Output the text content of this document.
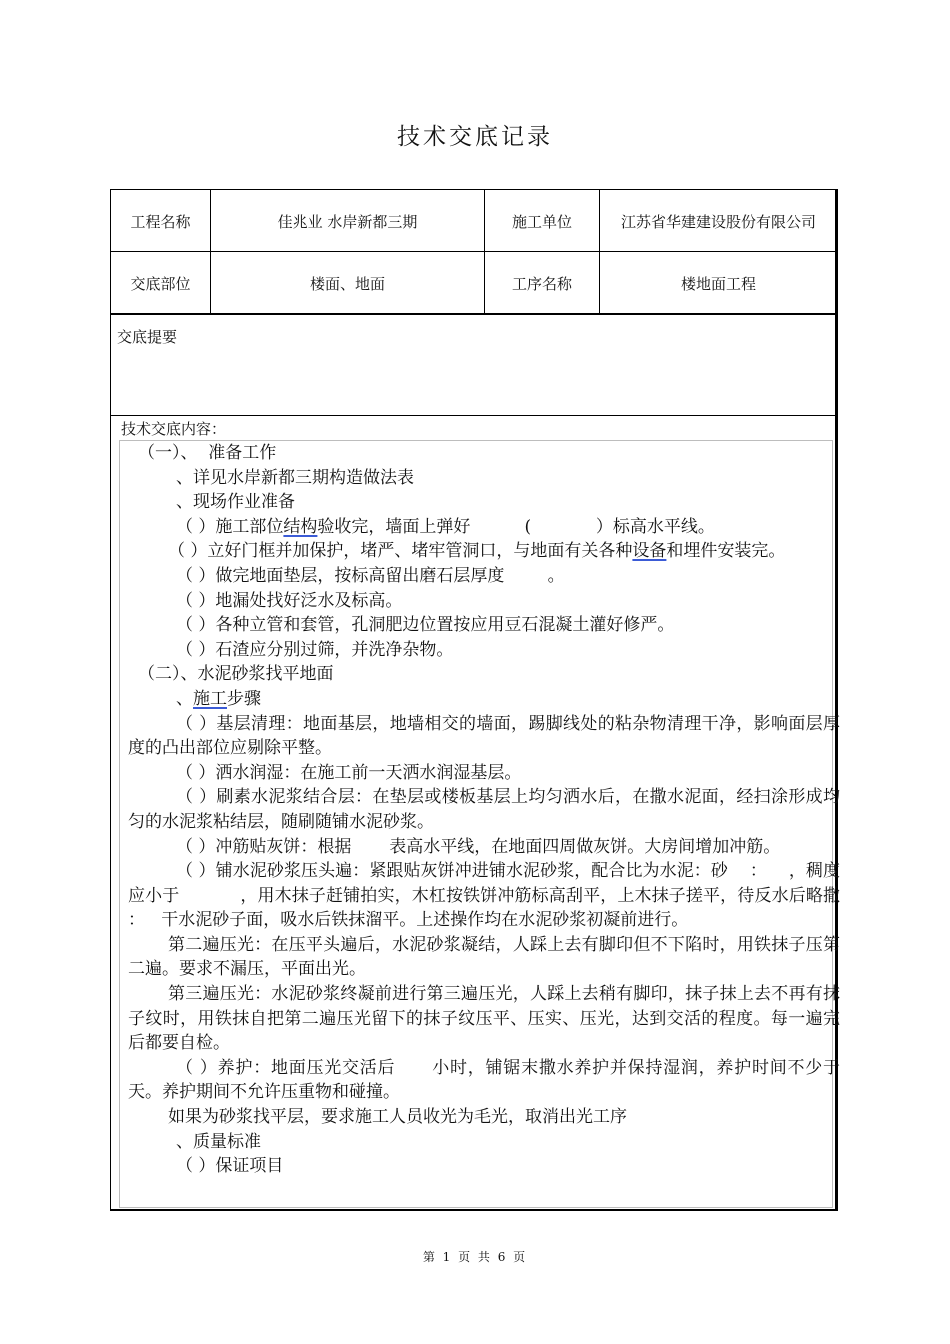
技术交底记录
工程名称	佳兆业 水岸新都三期	施工单位	江苏省华建建设股份有限公司
交底部位	楼面、地面	工序名称	楼地面工程
交底提要
技术交底内容：

（一）、  准备工作

、详见水岸新都三期构造做法表

、现场作业准备

（ ）施工部位结构验收完，墙面上弹好          (            ）标高水平线。

（ ）立好门框并加保护，堵严、堵牢管洞口，与地面有关各种设备和埋件安装完。

（ ）做完地面垫层，按标高留出磨石层厚度        。

（ ）地漏处找好泛水及标高。

（ ）各种立管和套管，孔洞肥边位置按应用豆石混凝土灌好修严。

（ ）石渣应分别过筛，并洗净杂物。

（二）、水泥砂浆找平地面

、施工步骤

（ ）基层清理：地面基层，地墙相交的墙面，踢脚线处的粘杂物清理干净，影响面层厚度的凸出部位应剔除平整。

（ ）洒水润湿：在施工前一天洒水润湿基层。

（ ）刷素水泥浆结合层：在垫层或楼板基层上均匀洒水后，在撒水泥面，经扫涂形成均匀的水泥浆粘结层，随刷随铺水泥砂浆。

（ ）冲筋贴灰饼：根据       表高水平线，在地面四周做灰饼。大房间增加冲筋。

（ ）铺水泥砂浆压头遍：紧跟贴灰饼冲进铺水泥砂浆，配合比为水泥：砂    ：    ，稠度应小于           ，用木抹子赶铺拍实，木杠按铁饼冲筋标高刮平，上木抹子搓平，待反水后略撒   ：   干水泥砂子面，吸水后铁抹溜平。上述操作均在水泥砂浆初凝前进行。

第二遍压光：在压平头遍后，水泥砂浆凝结，人踩上去有脚印但不下陷时，用铁抹子压第二遍。要求不漏压，平面出光。

第三遍压光：水泥砂浆终凝前进行第三遍压光，人踩上去稍有脚印，抹子抹上去不再有抹子纹时，用铁抹自把第二遍压光留下的抹子纹压平、压实、压光，达到交活的程度。每一遍完后都要自检。

（ ）养护：地面压光交活后      小时，铺锯末撒水养护并保持湿润，养护时间不少于      天。养护期间不允许压重物和碰撞。

如果为砂浆找平层，要求施工人员收光为毛光，取消出光工序

、质量标准

（ ）保证项目

第 1 页 共 6 页
